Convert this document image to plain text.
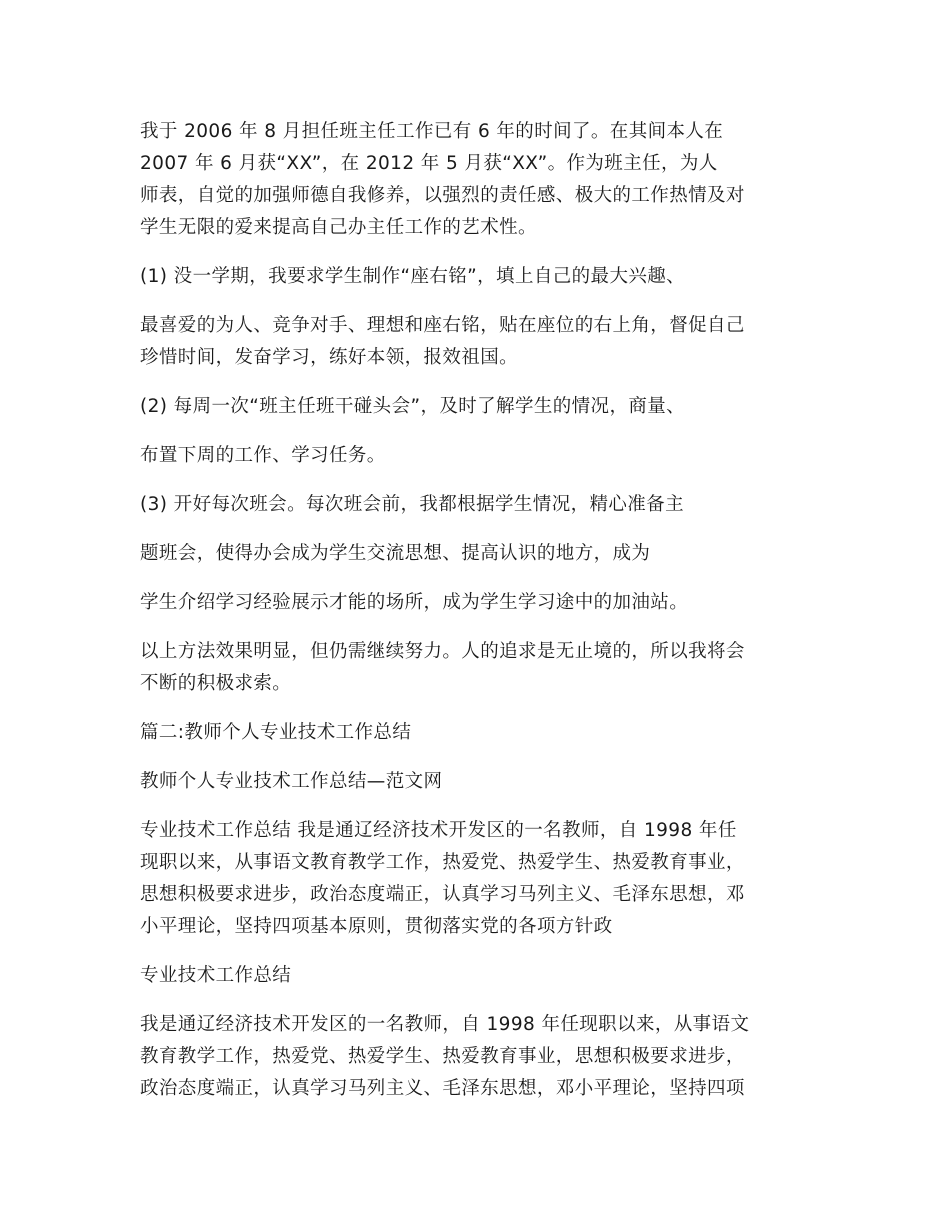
我于 2006 年 8 月担任班主任工作已有 6 年的时间了。在其间本人在
2007 年 6 月获“XX”，在 2012 年 5 月获“XX”。作为班主任，为人
师表，自觉的加强师德自我修养，以强烈的责任感、极大的工作热情及对
学生无限的爱来提高自己办主任工作的艺术性。

(1) 没一学期，我要求学生制作“座右铭”，填上自己的最大兴趣、

最喜爱的为人、竞争对手、理想和座右铭，贴在座位的右上角，督促自己
珍惜时间，发奋学习，练好本领，报效祖国。

(2) 每周一次“班主任班干碰头会”，及时了解学生的情况，商量、

布置下周的工作、学习任务。

(3) 开好每次班会。每次班会前，我都根据学生情况，精心准备主

题班会，使得办会成为学生交流思想、提高认识的地方，成为

学生介绍学习经验展示才能的场所，成为学生学习途中的加油站。

以上方法效果明显，但仍需继续努力。人的追求是无止境的，所以我将会
不断的积极求索。

篇二:教师个人专业技术工作总结

教师个人专业技术工作总结—范文网

专业技术工作总结 我是通辽经济技术开发区的一名教师，自 1998 年任
现职以来，从事语文教育教学工作，热爱党、热爱学生、热爱教育事业，
思想积极要求进步，政治态度端正，认真学习马列主义、毛泽东思想，邓
小平理论，坚持四项基本原则，贯彻落实党的各项方针政

专业技术工作总结

我是通辽经济技术开发区的一名教师，自 1998 年任现职以来，从事语文
教育教学工作，热爱党、热爱学生、热爱教育事业，思想积极要求进步，
政治态度端正，认真学习马列主义、毛泽东思想，邓小平理论，坚持四项
